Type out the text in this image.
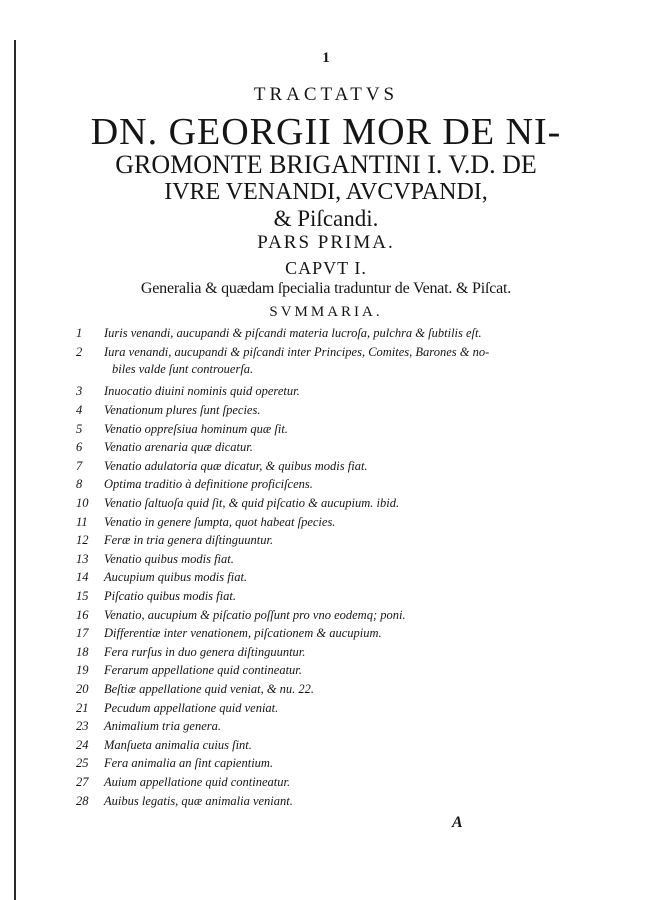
1
TRACTATVS
DN. GEORGII MOR DE NI-
GROMONTE BRIGANTINI I. V.D. DE
IVRE VENANDI, AVCVPANDI,
& Piſcandi.
PARS PRIMA.
CAPVT I.
Generalia & quædam ſpecialia traduntur de Venat. & Piſcat.
SVMMARIA.
1 Iuris venandi, aucupandi & piſcandi materia lucroſa, pulchra & ſubtilis eſt.
2 Iura venandi, aucupandi & piſcandi inter Principes, Comites, Barones & no-
biles valde ſunt controuerſa.
3 Inuocatio diuini nominis quid operetur.
4 Venationum plures ſunt ſpecies.
5 Venatio oppreſsiua hominum quæ ſit.
6 Venatio arenaria quæ dicatur.
7 Venatio adulatoria quæ dicatur, & quibus modis fiat.
8 Optima traditio à definitione proficiſcens.
10 Venatio ſaltuoſa quid ſit, & quid piſcatio & aucupium. ibid.
11 Venatio in genere ſumpta, quot habeat ſpecies.
12 Feræ in tria genera diſtinguuntur.
13 Venatio quibus modis fiat.
14 Aucupium quibus modis fiat.
15 Piſcatio quibus modis fiat.
16 Venatio, aucupium & piſcatio poſſunt pro vno eodemq; poni.
17 Differentiæ inter venationem, piſcationem & aucupium.
18 Fera rurſus in duo genera diſtinguuntur.
19 Ferarum appellatione quid contineatur.
20 Beſtiæ appellatione quid veniat, & nu. 22.
21 Pecudum appellatione quid veniat.
23 Animalium tria genera.
24 Manſueta animalia cuius ſint.
25 Fera animalia an ſint capientium.
27 Auium appellatione quid contineatur.
28 Auibus legatis, quæ animalia veniant.
A
